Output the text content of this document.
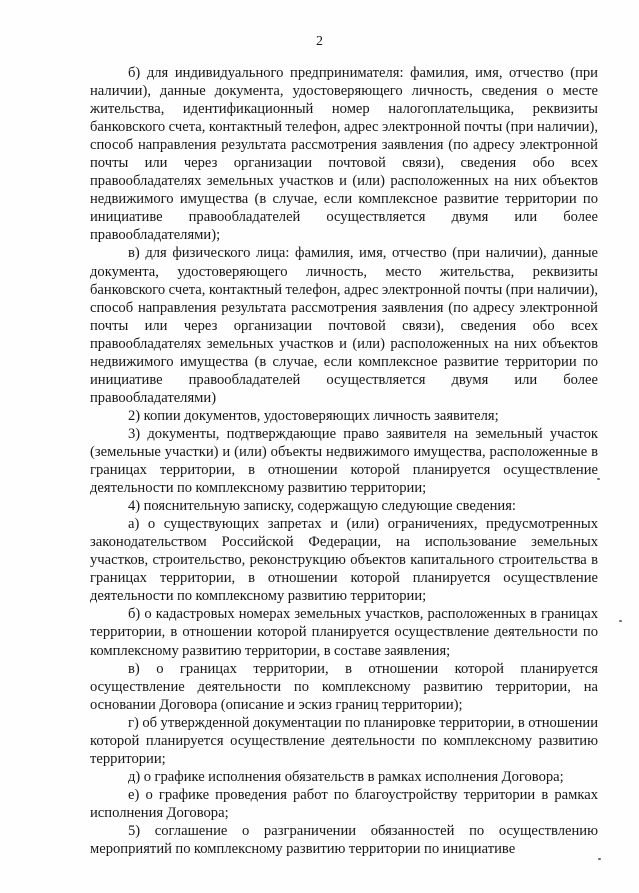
2

б) для индивидуального предпринимателя: фамилия, имя, отчество (при наличии), данные документа, удостоверяющего личность, сведения о месте жительства, идентификационный номер налогоплательщика, реквизиты банковского счета, контактный телефон, адрес электронной почты (при наличии), способ направления результата рассмотрения заявления (по адресу электронной почты или через организации почтовой связи), сведения обо всех правообладателях земельных участков и (или) расположенных на них объектов недвижимого имущества (в случае, если комплексное развитие территории по инициативе правообладателей осуществляется двумя или более правообладателями);

в) для физического лица: фамилия, имя, отчество (при наличии), данные документа, удостоверяющего личность, место жительства, реквизиты банковского счета, контактный телефон, адрес электронной почты (при наличии), способ направления результата рассмотрения заявления (по адресу электронной почты или через организации почтовой связи), сведения обо всех правообладателях земельных участков и (или) расположенных на них объектов недвижимого имущества (в случае, если комплексное развитие территории по инициативе правообладателей осуществляется двумя или более правообладателями)

2) копии документов, удостоверяющих личность заявителя;

3) документы, подтверждающие право заявителя на земельный участок (земельные участки) и (или) объекты недвижимого имущества, расположенные в границах территории, в отношении которой планируется осуществление деятельности по комплексному развитию территории;

4) пояснительную записку, содержащую следующие сведения:

а) о существующих запретах и (или) ограничениях, предусмотренных законодательством Российской Федерации, на использование земельных участков, строительство, реконструкцию объектов капитального строительства в границах территории, в отношении которой планируется осуществление деятельности по комплексному развитию территории;

б) о кадастровых номерах земельных участков, расположенных в границах территории, в отношении которой планируется осуществление деятельности по комплексному развитию территории, в составе заявления;

в) о границах территории, в отношении которой планируется осуществление деятельности по комплексному развитию территории, на основании Договора (описание и эскиз границ территории);

г) об утвержденной документации по планировке территории, в отношении которой планируется осуществление деятельности по комплексному развитию территории;

д) о графике исполнения обязательств в рамках исполнения Договора;

е) о графике проведения работ по благоустройству территории в рамках исполнения Договора;

5) соглашение о разграничении обязанностей по осуществлению мероприятий по комплексному развитию территории по инициативе
